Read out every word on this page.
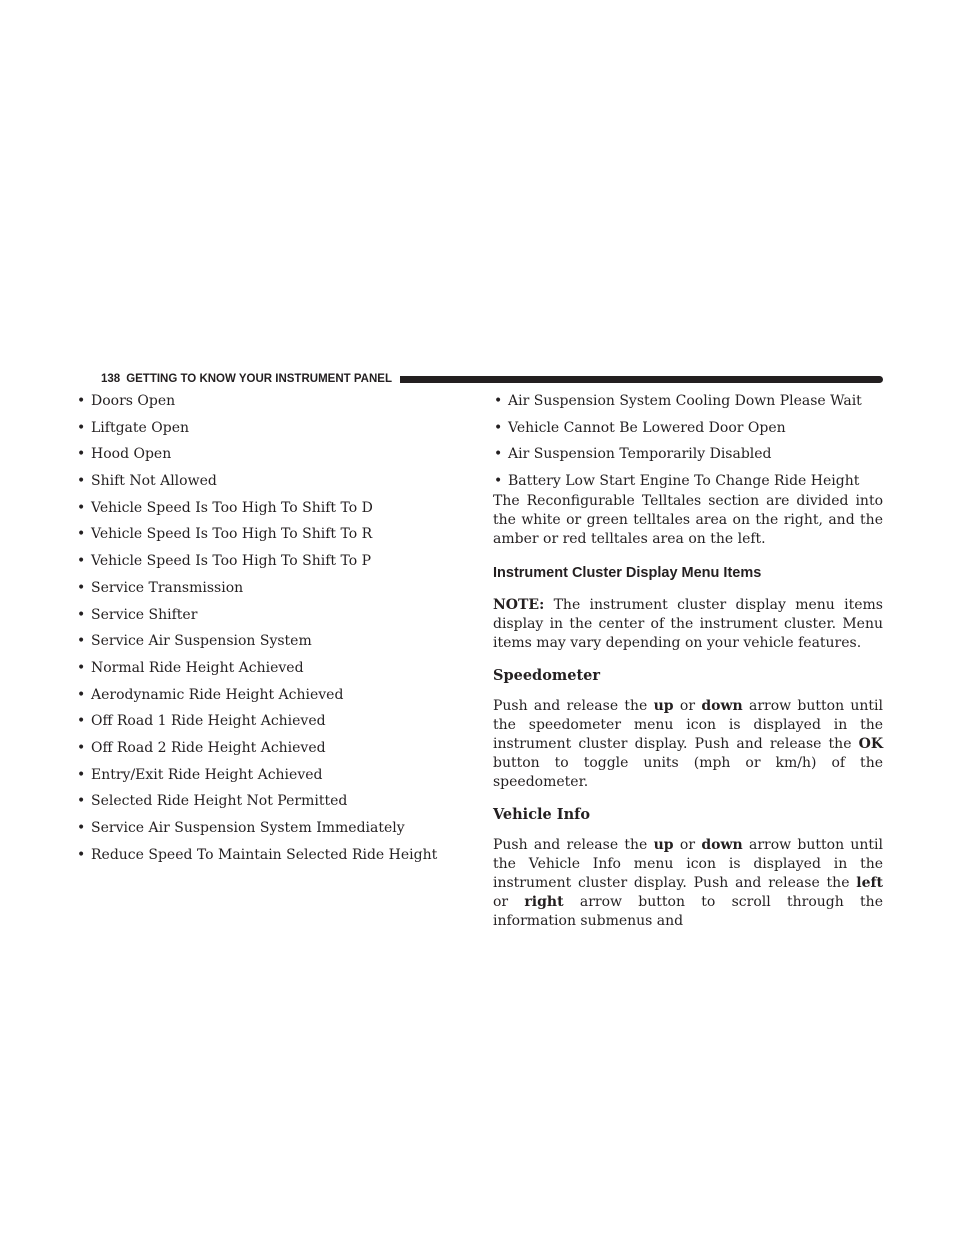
138 GETTING TO KNOW YOUR INSTRUMENT PANEL
• Doors Open
• Liftgate Open
• Hood Open
• Shift Not Allowed
• Vehicle Speed Is Too High To Shift To D
• Vehicle Speed Is Too High To Shift To R
• Vehicle Speed Is Too High To Shift To P
• Service Transmission
• Service Shifter
• Service Air Suspension System
• Normal Ride Height Achieved
• Aerodynamic Ride Height Achieved
• Off Road 1 Ride Height Achieved
• Off Road 2 Ride Height Achieved
• Entry/Exit Ride Height Achieved
• Selected Ride Height Not Permitted
• Service Air Suspension System Immediately
• Reduce Speed To Maintain Selected Ride Height
• Air Suspension System Cooling Down Please Wait
• Vehicle Cannot Be Lowered Door Open
• Air Suspension Temporarily Disabled
• Battery Low Start Engine To Change Ride Height

The Reconfigurable Telltales section are divided into the white or green telltales area on the right, and the amber or red telltales area on the left.

Instrument Cluster Display Menu Items

NOTE: The instrument cluster display menu items display in the center of the instrument cluster. Menu items may vary depending on your vehicle features.

Speedometer

Push and release the up or down arrow button until the speedometer menu icon is displayed in the instrument cluster display. Push and release the OK button to toggle units (mph or km/h) of the speedometer.

Vehicle Info

Push and release the up or down arrow button until the Vehicle Info menu icon is displayed in the instrument cluster display. Push and release the left or right arrow button to scroll through the information submenus and
